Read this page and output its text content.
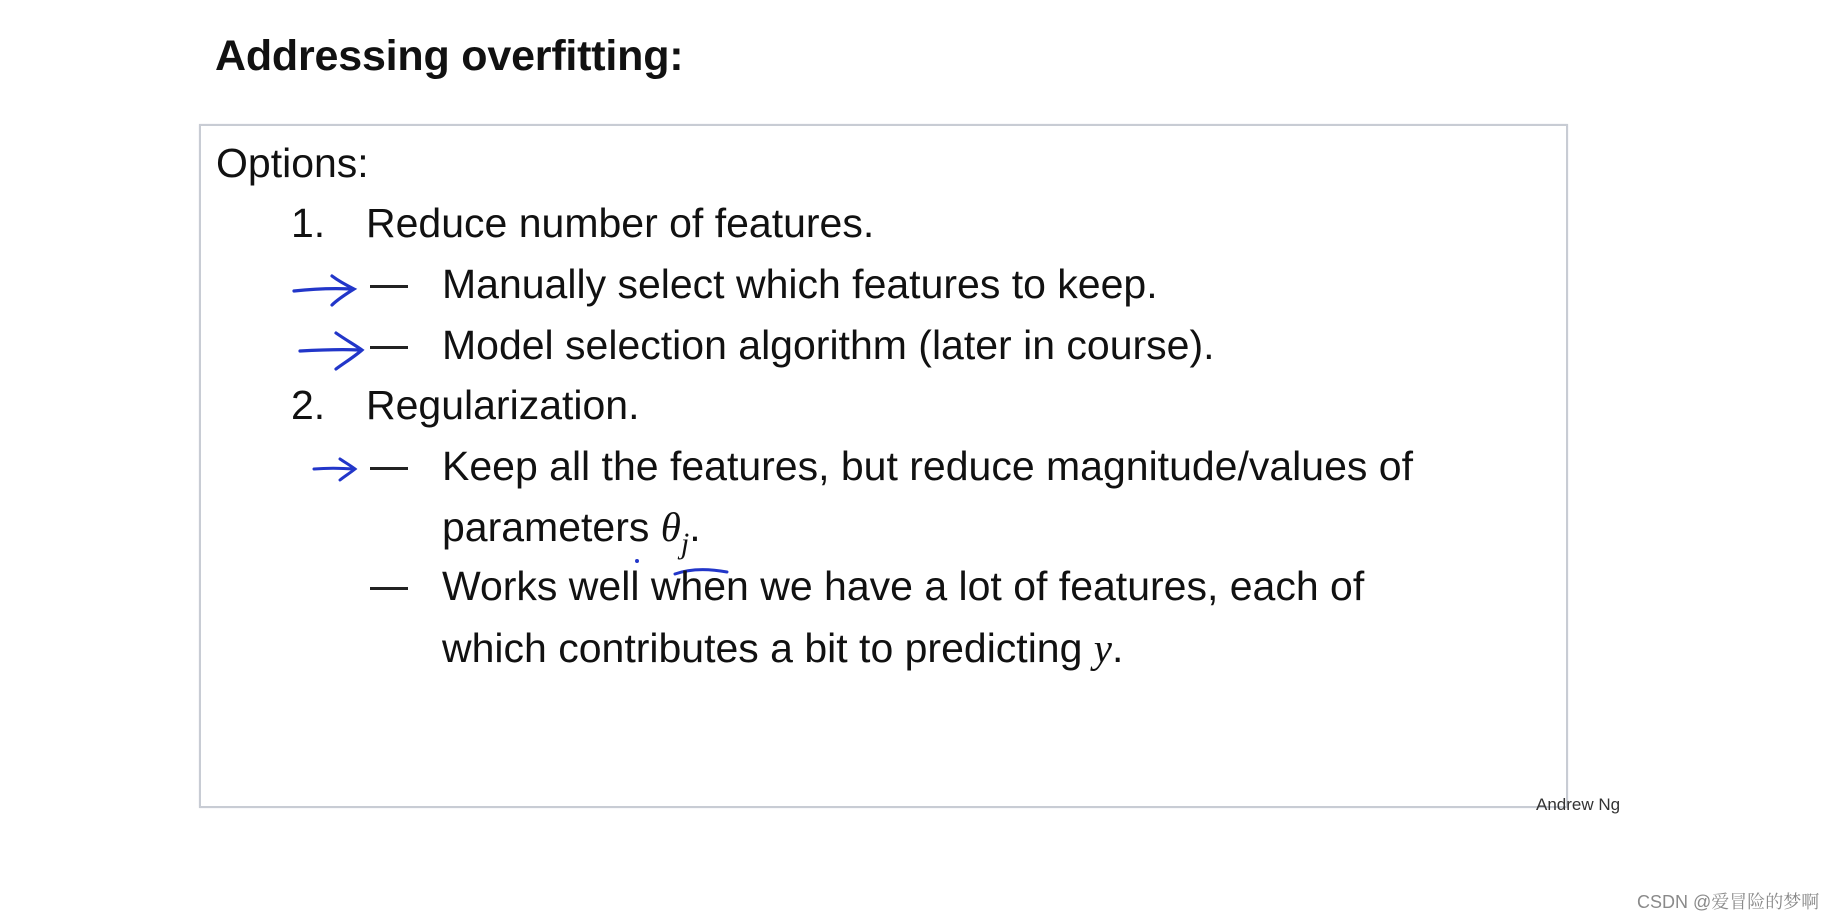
Addressing overfitting:
Options:
1. Reduce number of features.
Manually select which features to keep.
Model selection algorithm (later in course).
2. Regularization.
Keep all the features, but reduce magnitude/values of
parameters $\theta_j$.
Works well when we have a lot of features, each of
which contributes a bit to predicting y.
Andrew Ng
CSDN @爱冒险的梦啊
